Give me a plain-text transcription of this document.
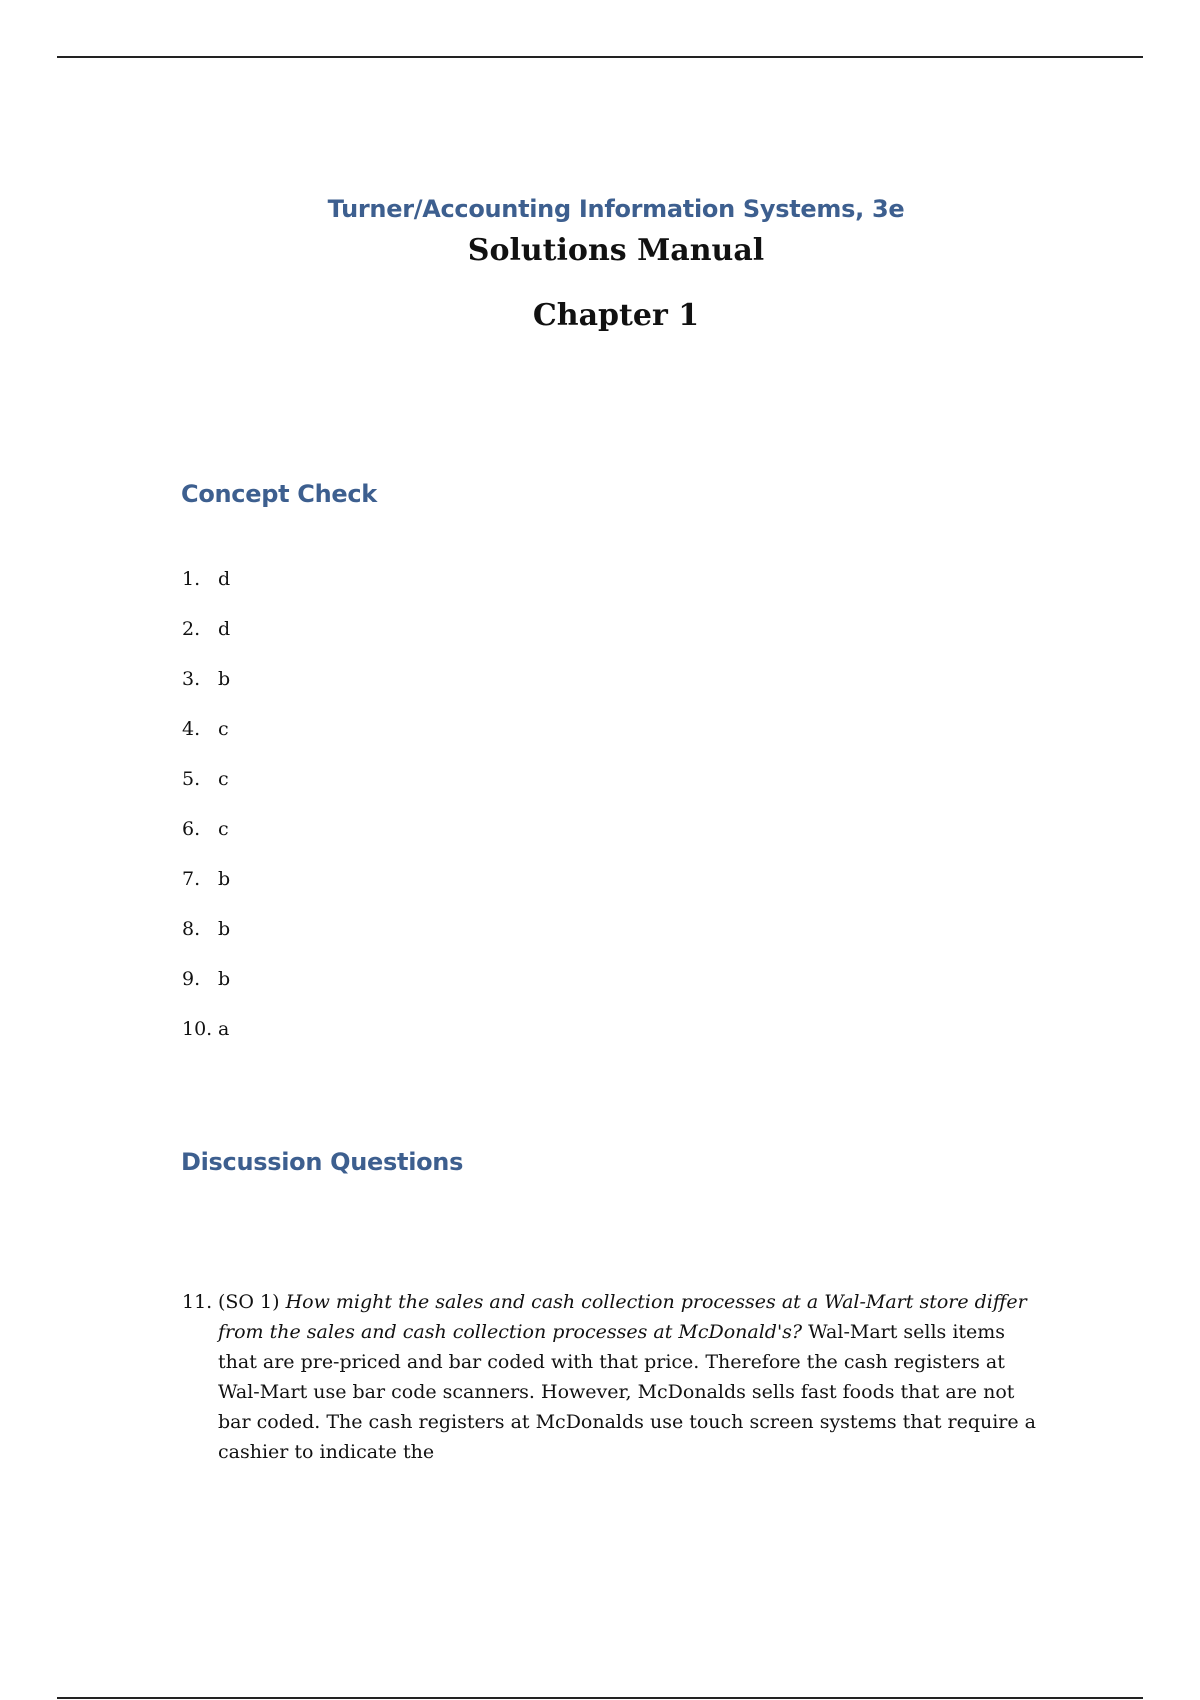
Turner/Accounting Information Systems, 3e
Solutions Manual
Chapter 1
Concept Check
1. d
2. d
3. b
4. c
5. c
6. c
7. b
8. b
9. b
10. a
Discussion Questions
11. (SO 1) How might the sales and cash collection processes at a Wal-Mart store differ from the sales and cash collection processes at McDonald's? Wal-Mart sells items that are pre-priced and bar coded with that price. Therefore the cash registers at Wal-Mart use bar code scanners. However, McDonalds sells fast foods that are not bar coded. The cash registers at McDonalds use touch screen systems that require a cashier to indicate the
